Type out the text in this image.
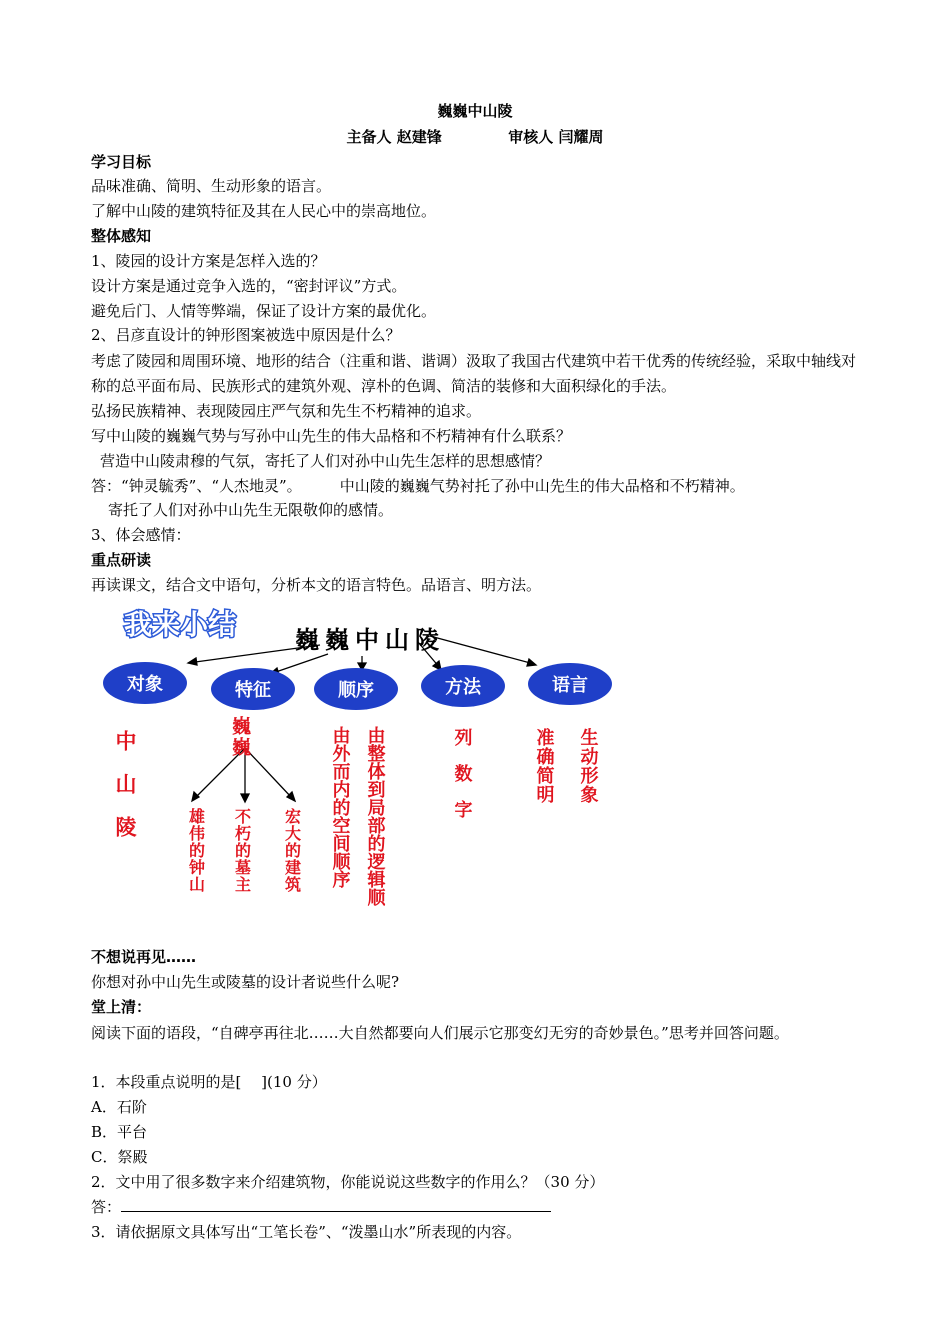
巍巍中山陵
主备人 赵建锋	审核人 闫耀周
学习目标
品味准确、简明、生动形象的语言。
了解中山陵的建筑特征及其在人民心中的崇高地位。
整体感知
1、陵园的设计方案是怎样入选的？
设计方案是通过竞争入选的，“密封评议”方式。
避免后门、人情等弊端，保证了设计方案的最优化。
2、吕彦直设计的钟形图案被选中原因是什么？
考虑了陵园和周围环境、地形的结合（注重和谐、谐调）汲取了我国古代建筑中若干优秀的传统经验，采取中轴线对称的总平面布局、民族形式的建筑外观、淳朴的色调、简洁的装修和大面积绿化的手法。
弘扬民族精神、表现陵园庄严气氛和先生不朽精神的追求。
写中山陵的巍巍气势与写孙中山先生的伟大品格和不朽精神有什么联系？
营造中山陵肃穆的气氛，寄托了人们对孙中山先生怎样的思想感情？
答：“钟灵毓秀”、“人杰地灵”。	中山陵的巍巍气势衬托了孙中山先生的伟大品格和不朽精神。
寄托了人们对孙中山先生无限敬仰的感情。
3、体会感情：
重点研读
再读课文，结合文中语句，分析本文的语言特色。品语言、明方法。
我来小结 巍巍中山陵
对象	特征	顺序	方法	语言
中山陵	巍巍
雄伟的钟山 不朽的墓主 宏大的建筑	由整体到局部的逻辑顺
由外而内的空间顺序	列数字	生动形象
准确简明
不想说再见……
你想对孙中山先生或陵墓的设计者说些什么呢?
堂上清：
阅读下面的语段，“自碑亭再往北……大自然都要向人们展示它那变幻无穷的奇妙景色。”思考并回答问题。
1．本段重点说明的是[　 ](10 分）
A．石阶
B．平台
C．祭殿
2．文中用了很多数字来介绍建筑物，你能说说这些数字的作用么？（30 分）
答：
3．请依据原文具体写出“工笔长卷”、“泼墨山水”所表现的内容。
